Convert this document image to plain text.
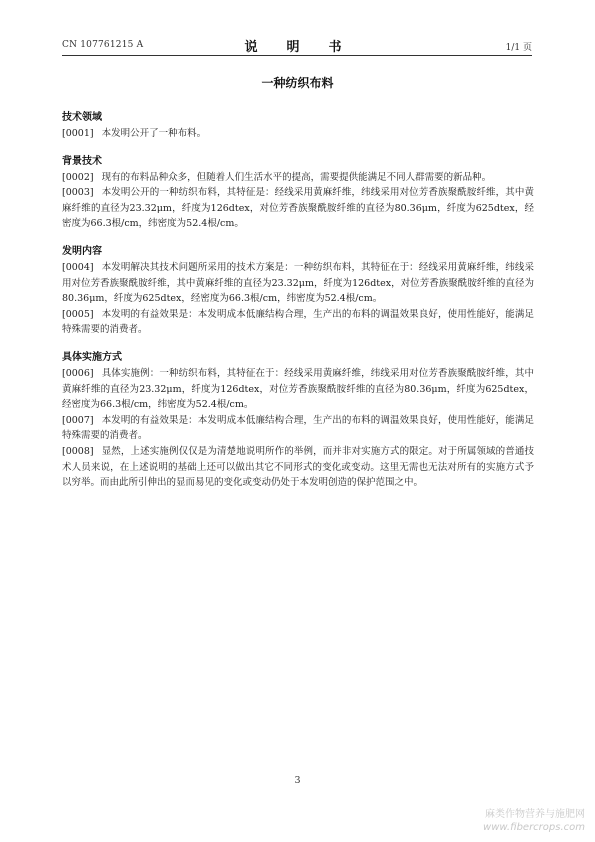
CN 107761215 A	说　明　书	1/1 页
一种纺织布料
技术领域

[0001] 本发明公开了一种布料。

背景技术

[0002] 现有的布料品种众多，但随着人们生活水平的提高，需要提供能满足不同人群需要的新品种。

[0003] 本发明公开的一种纺织布料，其特征是：经线采用黄麻纤维，纬线采用对位芳香族聚酰胺纤维，其中黄麻纤维的直径为23.32μm，纤度为126dtex，对位芳香族聚酰胺纤维的直径为80.36μm，纤度为625dtex，经密度为66.3根/cm，纬密度为52.4根/cm。

发明内容

[0004] 本发明解决其技术问题所采用的技术方案是：一种纺织布料，其特征在于：经线采用黄麻纤维，纬线采用对位芳香族聚酰胺纤维，其中黄麻纤维的直径为23.32μm，纤度为126dtex，对位芳香族聚酰胺纤维的直径为80.36μm，纤度为625dtex，经密度为66.3根/cm，纬密度为52.4根/cm。

[0005] 本发明的有益效果是：本发明成本低廉结构合理，生产出的布料的调温效果良好，使用性能好，能满足特殊需要的消费者。

具体实施方式

[0006] 具体实施例：一种纺织布料，其特征在于：经线采用黄麻纤维，纬线采用对位芳香族聚酰胺纤维，其中黄麻纤维的直径为23.32μm，纤度为126dtex，对位芳香族聚酰胺纤维的直径为80.36μm，纤度为625dtex，经密度为66.3根/cm，纬密度为52.4根/cm。

[0007] 本发明的有益效果是：本发明成本低廉结构合理，生产出的布料的调温效果良好，使用性能好，能满足特殊需要的消费者。

[0008] 显然，上述实施例仅仅是为清楚地说明所作的举例，而并非对实施方式的限定。对于所属领域的普通技术人员来说，在上述说明的基础上还可以做出其它不同形式的变化或变动。这里无需也无法对所有的实施方式予以穷举。而由此所引伸出的显而易见的变化或变动仍处于本发明创造的保护范围之中。

3
麻类作物营养与施肥网
www.fibercrops.com
